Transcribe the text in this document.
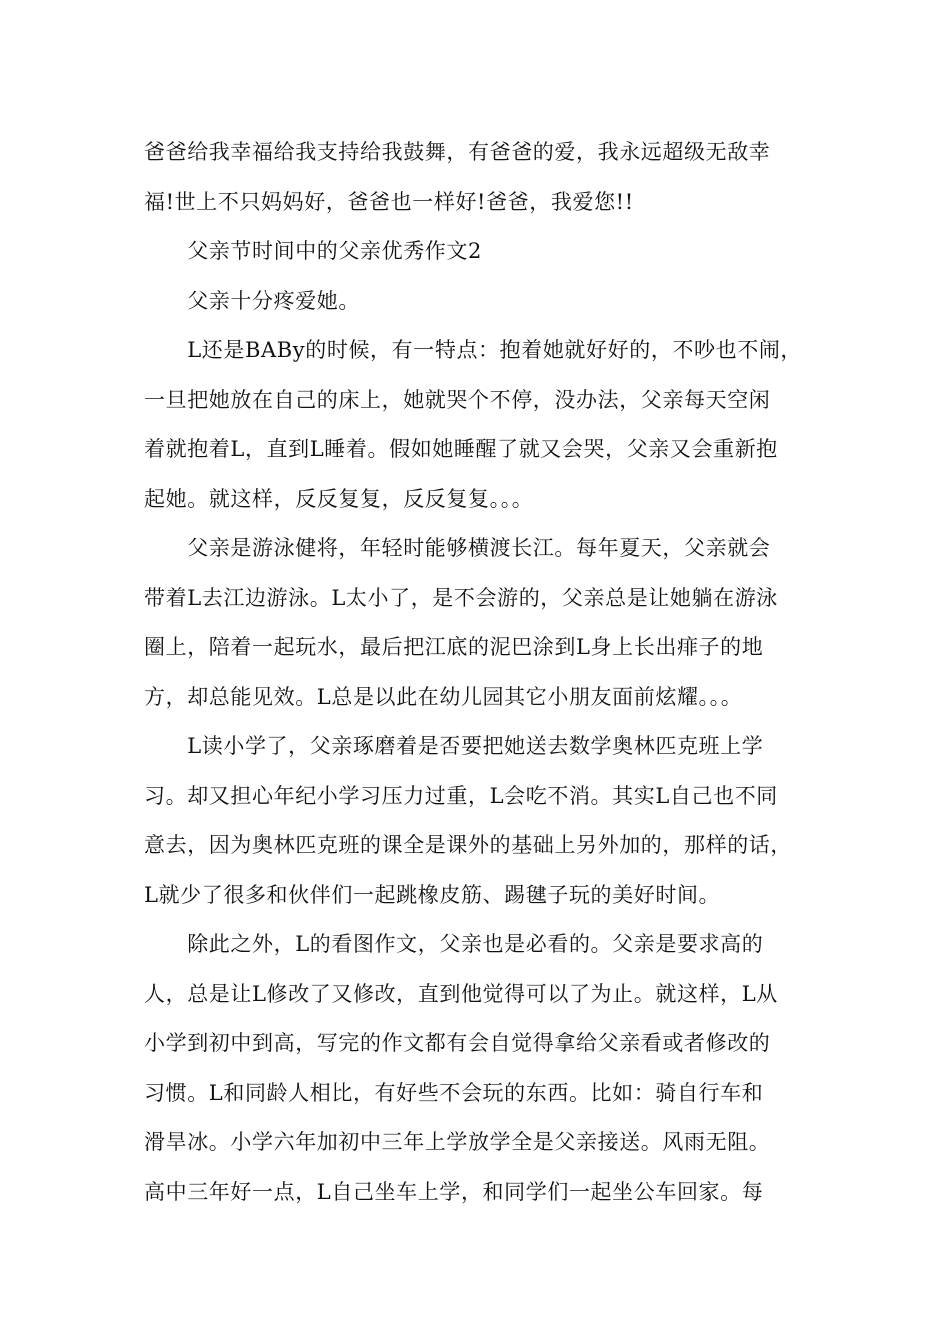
爸爸给我幸福给我支持给我鼓舞，有爸爸的爱，我永远超级无敌幸
福!世上不只妈妈好，爸爸也一样好!爸爸，我爱您!!
　　父亲节时间中的父亲优秀作文2
　　父亲十分疼爱她。
　　L还是BABy的时候，有一特点：抱着她就好好的，不吵也不闹，
一旦把她放在自己的床上，她就哭个不停，没办法，父亲每天空闲
着就抱着L，直到L睡着。假如她睡醒了就又会哭，父亲又会重新抱
起她。就这样，反反复复，反反复复。。。
　　父亲是游泳健将，年轻时能够横渡长江。每年夏天，父亲就会
带着L去江边游泳。L太小了，是不会游的，父亲总是让她躺在游泳
圈上，陪着一起玩水，最后把江底的泥巴涂到L身上长出痱子的地
方，却总能见效。L总是以此在幼儿园其它小朋友面前炫耀。。。
　　L读小学了，父亲琢磨着是否要把她送去数学奥林匹克班上学
习。却又担心年纪小学习压力过重，L会吃不消。其实L自己也不同
意去，因为奥林匹克班的课全是课外的基础上另外加的，那样的话，
L就少了很多和伙伴们一起跳橡皮筋、踢毽子玩的美好时间。
　　除此之外，L的看图作文，父亲也是必看的。父亲是要求高的
人，总是让L修改了又修改，直到他觉得可以了为止。就这样，L从
小学到初中到高，写完的作文都有会自觉得拿给父亲看或者修改的
习惯。L和同龄人相比，有好些不会玩的东西。比如：骑自行车和
滑旱冰。小学六年加初中三年上学放学全是父亲接送。风雨无阻。
高中三年好一点，L自己坐车上学，和同学们一起坐公车回家。每
